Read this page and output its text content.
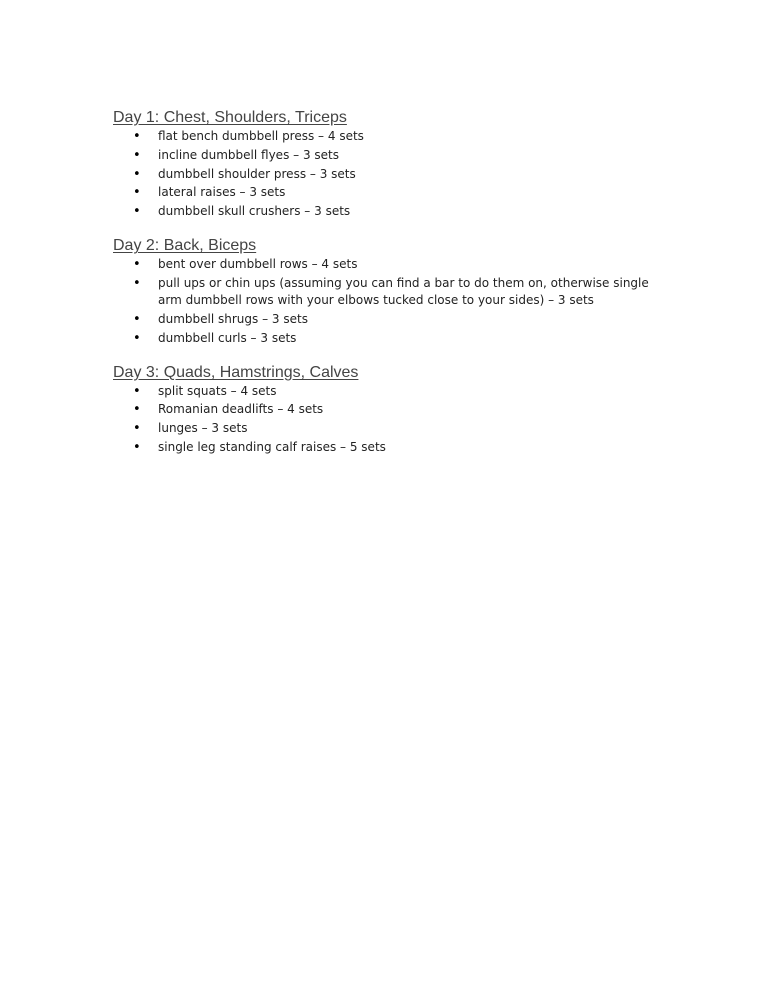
Day 1: Chest, Shoulders, Triceps
• flat bench dumbbell press – 4 sets
• incline dumbbell flyes – 3 sets
• dumbbell shoulder press – 3 sets
• lateral raises – 3 sets
• dumbbell skull crushers – 3 sets
Day 2: Back, Biceps
• bent over dumbbell rows – 4 sets
• pull ups or chin ups (assuming you can find a bar to do them on, otherwise single arm dumbbell rows with your elbows tucked close to your sides) – 3 sets
• dumbbell shrugs – 3 sets
• dumbbell curls – 3 sets
Day 3: Quads, Hamstrings, Calves
• split squats – 4 sets
• Romanian deadlifts – 4 sets
• lunges – 3 sets
• single leg standing calf raises – 5 sets
